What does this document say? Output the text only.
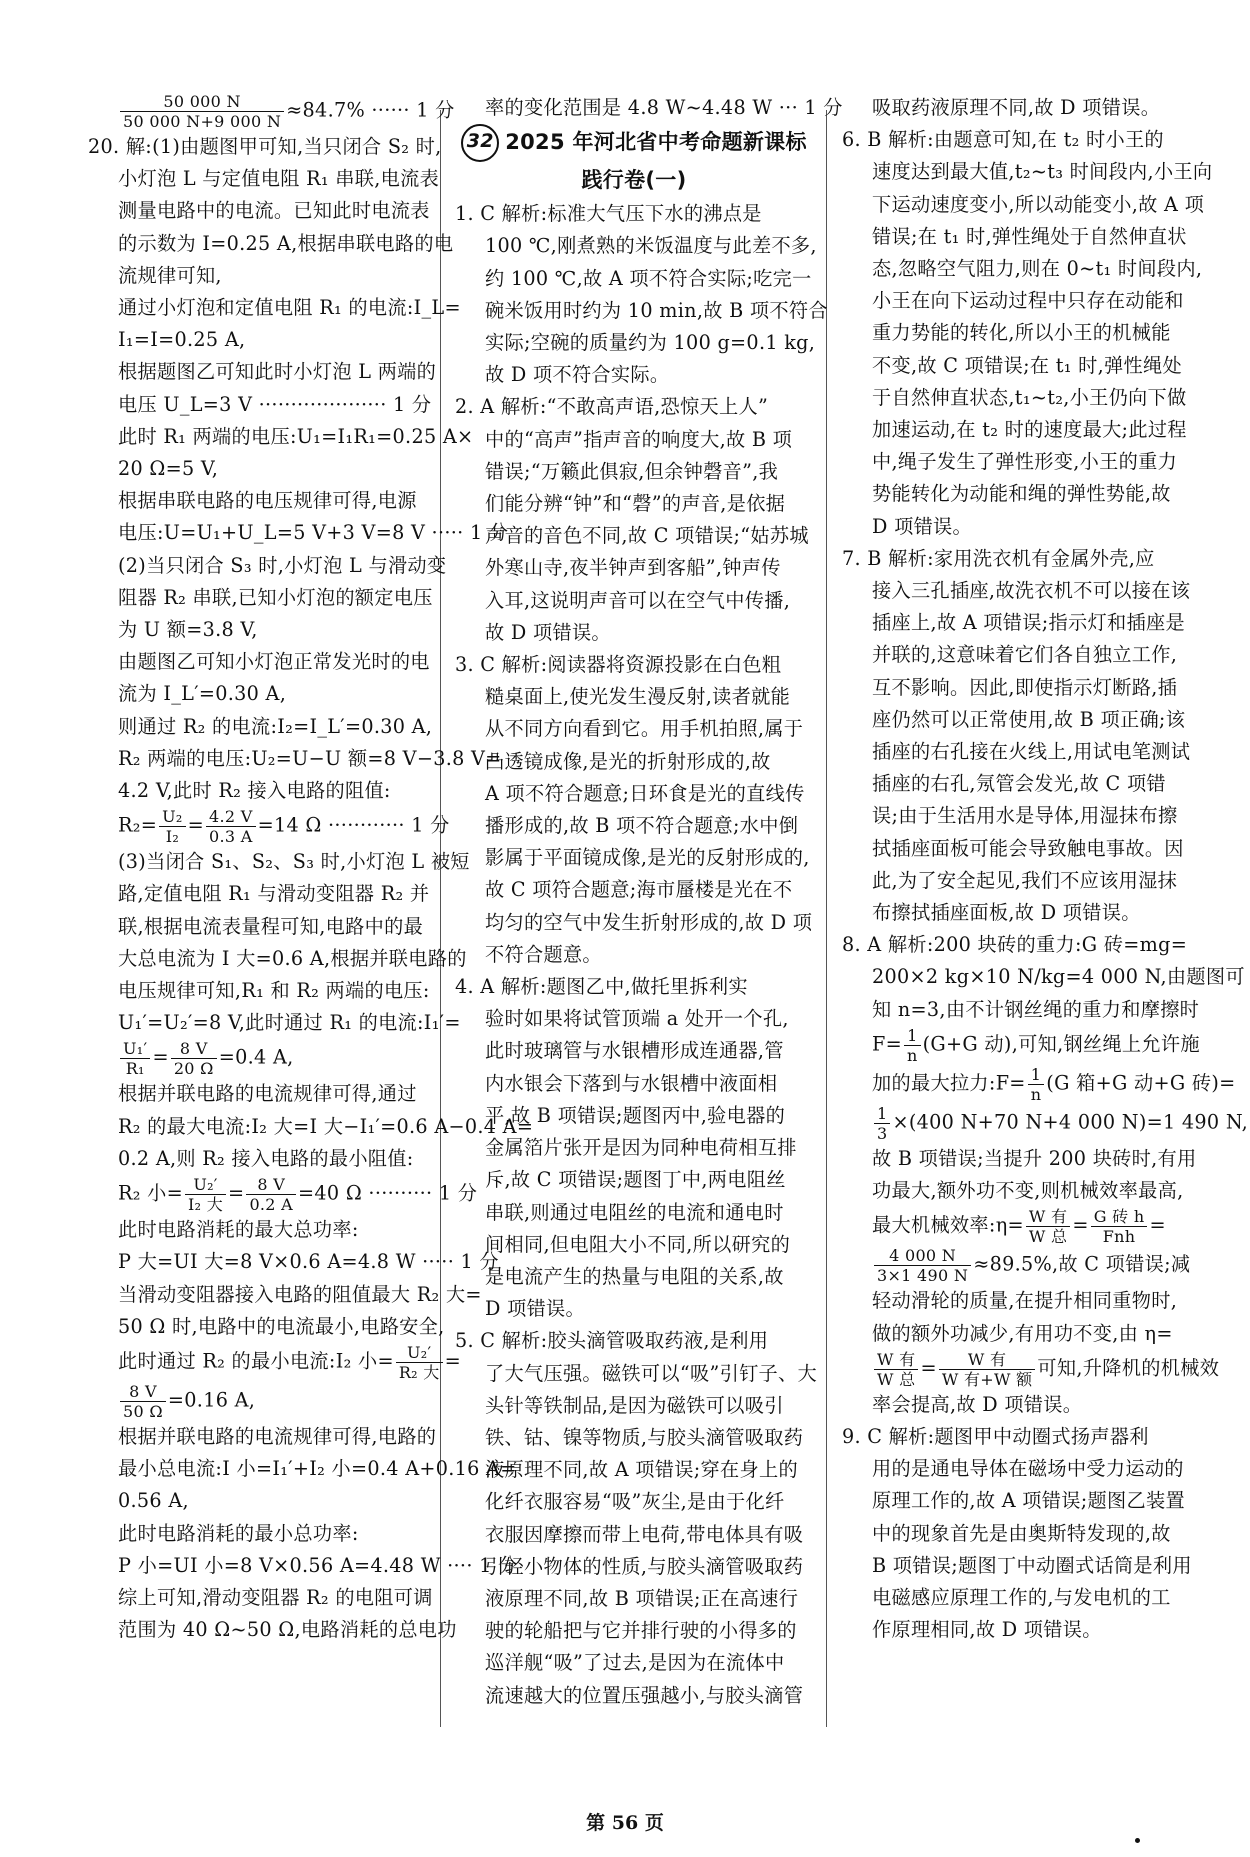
$\frac{50 000 N}{50 000 N+9 000 N} \approx 84.7\%$ ······ 1 分
20. 解:(1)由题图甲可知,当只闭合 S₂ 时,
小灯泡 L 与定值电阻 R₁ 串联,电流表
测量电路中的电流。已知此时电流表
的示数为 I=0.25 A,根据串联电路的电
流规律可知,
通过小灯泡和定值电阻 R₁ 的电流:I_L=
I₁=I=0.25 A,
根据题图乙可知此时小灯泡 L 两端的
电压 U_L=3 V ···················· 1 分
此时 R₁ 两端的电压:U₁=I₁R₁=0.25 A×
20 Ω=5 V,
根据串联电路的电压规律可得,电源
电压:U=U₁+U_L=5 V+3 V=8 V ····· 1 分
(2)当只闭合 S₃ 时,小灯泡 L 与滑动变
阻器 R₂ 串联,已知小灯泡的额定电压
为 U 额=3.8 V,
由题图乙可知小灯泡正常发光时的电
流为 I_L′=0.30 A,
则通过 R₂ 的电流:I₂=I_L′=0.30 A,
R₂ 两端的电压:U₂=U−U 额=8 V−3.8 V=
4.2 V,此时 R₂ 接入电路的阻值:
$R_2= \frac{\text{U₂}}{\text{I₂}} = \frac{4.2 V}{0.3 A} =14$ Ω ············ 1 分
(3)当闭合 S₁、S₂、S₃ 时,小灯泡 L 被短
路,定值电阻 R₁ 与滑动变阻器 R₂ 并
联,根据电流表量程可知,电路中的最
大总电流为 I 大=0.6 A,根据并联电路的
电压规律可知,R₁ 和 R₂ 两端的电压:
U₁′=U₂′=8 V,此时通过 R₁ 的电流:I₁′=
$\frac{\text{U₁′}}{\text{R₁}} = \frac{8 V}{20 \Omega} =0.4$ A,
根据并联电路的电流规律可得,通过
R₂ 的最大电流:I₂ 大=I 大−I₁′=0.6 A−0.4 A=
0.2 A,则 R₂ 接入电路的最小阻值:
R₂ 小= $\frac{\text{U₂′}}{\text{I₂ 大}} = \frac{8 V}{0.2 A} =40$ Ω ·········· 1 分
此时电路消耗的最大总功率:
P 大=UI 大=8 V×0.6 A=4.8 W ····· 1 分
当滑动变阻器接入电路的阻值最大 R₂ 大=
50 Ω 时,电路中的电流最小,电路安全,
此时通过 R₂ 的最小电流:I₂ 小= $\frac{\text{U₂′}}{\text{R₂ 大}}$ =
$\frac{8 V}{50 \Omega} =0.16$ A,
根据并联电路的电流规律可得,电路的
最小总电流:I 小=I₁′+I₂ 小=0.4 A+0.16 A=
0.56 A,
此时电路消耗的最小总功率:
P 小=UI 小=8 V×0.56 A=4.48 W ···· 1 分
综上可知,滑动变阻器 R₂ 的电阻可调
范围为 40 Ω~50 Ω,电路消耗的总电功
率的变化范围是 4.8 W~4.48 W ··· 1 分
32 2025 年河北省中考命题新课标
践行卷(一)
1. C 解析:标准大气压下水的沸点是
100 ℃,刚煮熟的米饭温度与此差不多,
约 100 ℃,故 A 项不符合实际;吃完一
碗米饭用时约为 10 min,故 B 项不符合
实际;空碗的质量约为 100 g=0.1 kg,
故 D 项不符合实际。
2. A 解析:“不敢高声语,恐惊天上人”
中的“高声”指声音的响度大,故 B 项
错误;“万籁此俱寂,但余钟磬音”,我
们能分辨“钟”和“磬”的声音,是依据
声音的音色不同,故 C 项错误;“姑苏城
外寒山寺,夜半钟声到客船”,钟声传
入耳,这说明声音可以在空气中传播,
故 D 项错误。
3. C 解析:阅读器将资源投影在白色粗
糙桌面上,使光发生漫反射,读者就能
从不同方向看到它。用手机拍照,属于
凸透镜成像,是光的折射形成的,故
A 项不符合题意;日环食是光的直线传
播形成的,故 B 项不符合题意;水中倒
影属于平面镜成像,是光的反射形成的,
故 C 项符合题意;海市蜃楼是光在不
均匀的空气中发生折射形成的,故 D 项
不符合题意。
4. A 解析:题图乙中,做托里拆利实
验时如果将试管顶端 a 处开一个孔,
此时玻璃管与水银槽形成连通器,管
内水银会下落到与水银槽中液面相
平,故 B 项错误;题图丙中,验电器的
金属箔片张开是因为同种电荷相互排
斥,故 C 项错误;题图丁中,两电阻丝
串联,则通过电阻丝的电流和通电时
间相同,但电阻大小不同,所以研究的
是电流产生的热量与电阻的关系,故
D 项错误。
5. C 解析:胶头滴管吸取药液,是利用
了大气压强。磁铁可以“吸”引钉子、大
头针等铁制品,是因为磁铁可以吸引
铁、钴、镍等物质,与胶头滴管吸取药
液原理不同,故 A 项错误;穿在身上的
化纤衣服容易“吸”灰尘,是由于化纤
衣服因摩擦而带上电荷,带电体具有吸
引轻小物体的性质,与胶头滴管吸取药
液原理不同,故 B 项错误;正在高速行
驶的轮船把与它并排行驶的小得多的
巡洋舰“吸”了过去,是因为在流体中
流速越大的位置压强越小,与胶头滴管
吸取药液原理不同,故 D 项错误。
6. B 解析:由题意可知,在 t₂ 时小王的
速度达到最大值,t₂~t₃ 时间段内,小王向
下运动速度变小,所以动能变小,故 A 项
错误;在 t₁ 时,弹性绳处于自然伸直状
态,忽略空气阻力,则在 0~t₁ 时间段内,
小王在向下运动过程中只存在动能和
重力势能的转化,所以小王的机械能
不变,故 C 项错误;在 t₁ 时,弹性绳处
于自然伸直状态,t₁~t₂,小王仍向下做
加速运动,在 t₂ 时的速度最大;此过程
中,绳子发生了弹性形变,小王的重力
势能转化为动能和绳的弹性势能,故
D 项错误。
7. B 解析:家用洗衣机有金属外壳,应
接入三孔插座,故洗衣机不可以接在该
插座上,故 A 项错误;指示灯和插座是
并联的,这意味着它们各自独立工作,
互不影响。因此,即使指示灯断路,插
座仍然可以正常使用,故 B 项正确;该
插座的右孔接在火线上,用试电笔测试
插座的右孔,氖管会发光,故 C 项错
误;由于生活用水是导体,用湿抹布擦
拭插座面板可能会导致触电事故。因
此,为了安全起见,我们不应该用湿抹
布擦拭插座面板,故 D 项错误。
8. A 解析:200 块砖的重力:G 砖=mg=
200×2 kg×10 N/kg=4 000 N,由题图可
知 n=3,由不计钢丝绳的重力和摩擦时
$F= \frac{1}{n} (G+G$ 动),可知,钢丝绳上允许施
加的最大拉力:F= $\frac{1}{n} (G$ 箱+G 动+G 砖)=
$\frac{1}{3} \times(400$ N+70 N+4 000 N)=1 490 N,
故 B 项错误;当提升 200 块砖时,有用
功最大,额外功不变,则机械效率最高,
最大机械效率:η= $\frac{\text{W 有}}{\text{W 总}} = \frac{\text{G 砖 h}}{\text{Fnh}}$ =
$\frac{4 000 N}{3\times 1 490 N} \approx 89.5\%$,故 C 项错误;减
轻动滑轮的质量,在提升相同重物时,
做的额外功减少,有用功不变,由 η=
$\frac{\text{W 有}}{\text{W 总}} = \frac{\text{W 有}}{\text{W 有+W 额}}$ 可知,升降机的机械效
率会提高,故 D 项错误。
9. C 解析:题图甲中动圈式扬声器利
用的是通电导体在磁场中受力运动的
原理工作的,故 A 项错误;题图乙装置
中的现象首先是由奥斯特发现的,故
B 项错误;题图丁中动圈式话筒是利用
电磁感应原理工作的,与发电机的工
作原理相同,故 D 项错误。
第 56 页
